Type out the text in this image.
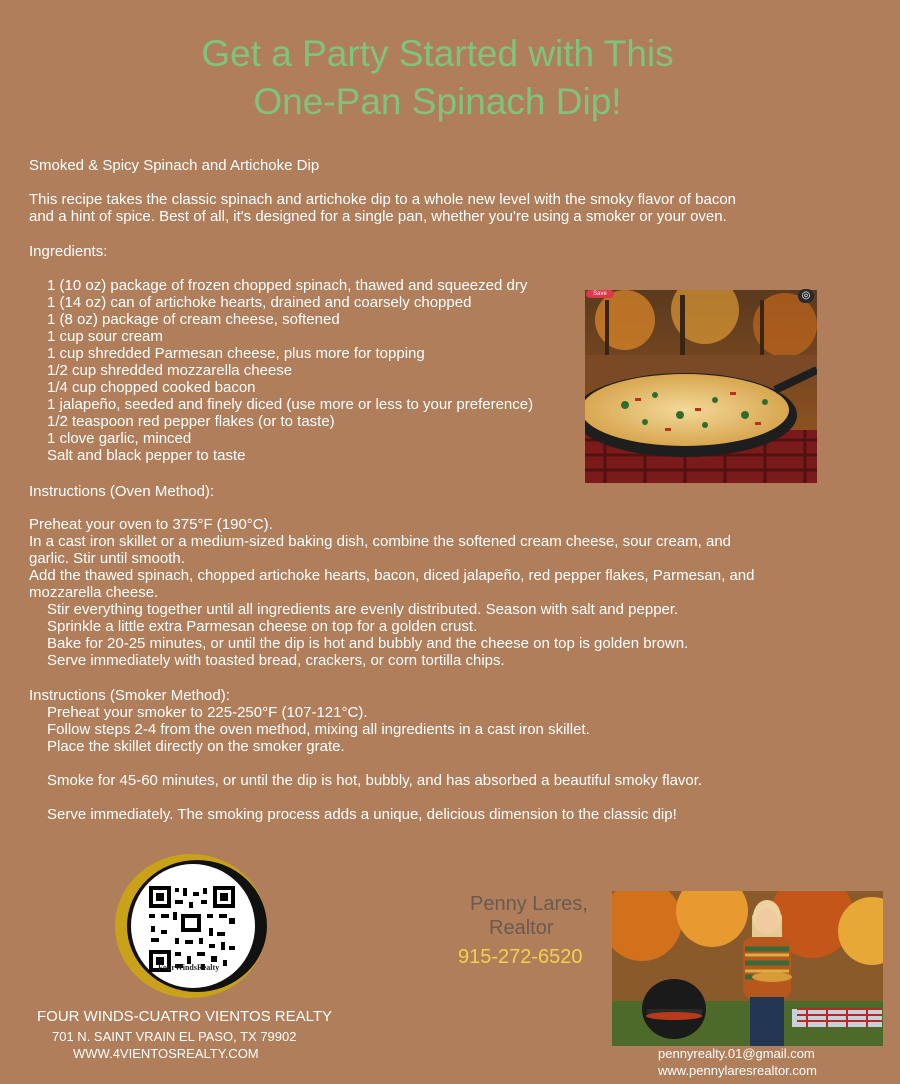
Get a Party Started with This
One-Pan Spinach Dip!
Smoked & Spicy Spinach and Artichoke Dip
This recipe takes the classic spinach and artichoke dip to a whole new level with the smoky flavor of bacon
and a hint of spice. Best of all, it's designed for a single pan, whether you're using a smoker or your oven.
Ingredients:
1 (10 oz) package of frozen chopped spinach, thawed and squeezed dry
1 (14 oz) can of artichoke hearts, drained and coarsely chopped
1 (8 oz) package of cream cheese, softened
1 cup sour cream
1 cup shredded Parmesan cheese, plus more for topping
1/2 cup shredded mozzarella cheese
1/4 cup chopped cooked bacon
1 jalapeño, seeded and finely diced (use more or less to your preference)
1/2 teaspoon red pepper flakes (or to taste)
1 clove garlic, minced
Salt and black pepper to taste
Save	◎
Instructions (Oven Method):
Preheat your oven to 375°F (190°C).
In a cast iron skillet or a medium-sized baking dish, combine the softened cream cheese, sour cream, and
garlic. Stir until smooth.
Add the thawed spinach, chopped artichoke hearts, bacon, diced jalapeño, red pepper flakes, Parmesan, and
mozzarella cheese.
Stir everything together until all ingredients are evenly distributed. Season with salt and pepper.
Sprinkle a little extra Parmesan cheese on top for a golden crust.
Bake for 20-25 minutes, or until the dip is hot and bubbly and the cheese on top is golden brown.
Serve immediately with toasted bread, crackers, or corn tortilla chips.
Instructions (Smoker Method):
Preheat your smoker to 225-250°F (107-121°C).
Follow steps 2-4 from the oven method, mixing all ingredients in a cast iron skillet.
Place the skillet directly on the smoker grate.
Smoke for 45-60 minutes, or until the dip is hot, bubbly, and has absorbed a beautiful smoky flavor.
Serve immediately. The smoking process adds a unique, delicious dimension to the classic dip!
FourWindsRealty
FOUR WINDS-CUATRO VIENTOS REALTY
701 N. SAINT VRAIN EL PASO, TX 79902
WWW.4VIENTOSREALTY.COM
Penny Lares,
Realtor
915-272-6520
pennyrealty.01@gmail.com
www.pennylaresrealtor.com
